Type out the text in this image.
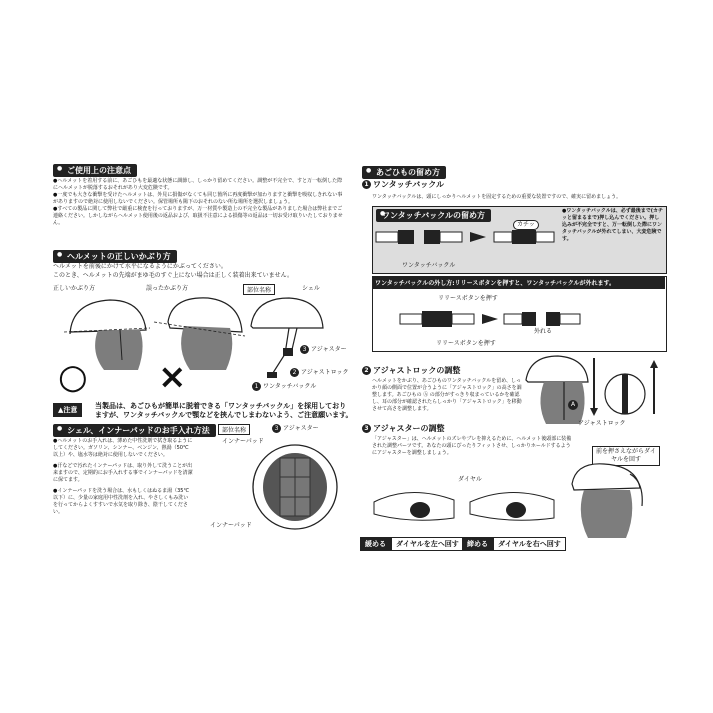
● ご使用上の注意点
●ヘルメットを着用する前に、あごひもを最適な状態に調節し、しっかり留めてください。調整が不完全で、すと万一転倒した際にヘルメットが脱落するおそれがあり大変危険です。
●一度でも大きな衝撃を受けたヘルメットは、外見に損傷がなくても同じ箇所に再度衝撃が加わりますと衝撃を吸収しきれない事がありますので絶対に使用しないでください。保管場所も陽下のおそれのない所な場所を選択しましょう。
●すべての製品に関して弊社で厳重に検査を行っておりますが、万一材質や製造上の不完全な製品がありました場合は弊社までご連絡ください。しかしながらヘルメット使用後の返品および、取扱不注意による損傷等の返品は一切お受け取りいたしておりません。
● ヘルメットの正しいかぶり方
ヘルメットを前後にかけて水平になるようにかぶってください。
このとき、ヘルメットの先端がまゆ毛のすぐ上にない場合は正しく装着出来ていません。
正しいかぶり方	誤ったかぶり方
○ ×
部位名称	シェル
3 アジャスター
2 アジャストロック
1 ワンタッチバックル
▲注意	当製品は、あごひもが簡単に脱着できる「ワンタッチバックル」を採用しており
ますが、ワンタッチバックルで顎などを挟んでしまわないよう、ご注意願います。
● シェル、インナーパッドのお手入れ方法
●ヘルメットのお手入れは、薄めた中性洗剤で拭き取るようにしてください。ガソリン、シンナー、ベンジン、熱湯（50℃以上）や、塩水等は絶対に使用しないでください。
●汗などで汚れたインナーパッドは、取り外して洗うことが出来ますので、定期的にお手入れする事でインナーパッドを清潔に保てます。
●インナーパッドを洗う場合は、水もしくはぬるま湯（35℃以下）に、少量の家庭用中性洗剤を入れ、やさしくもみ洗いを行ってからよくすすいで水気を取り除き、陰干してください。
部位名称	3 アジャスター
インナーパッド
インナーパッド
● あごひもの留め方
1 ワンタッチバックル
ワンタッチバックルは、頭にしっかりヘルメットを固定するための重要な装置ですので、確実に留めましょう。
● ワンタッチバックルの留め方
カチッ
ワンタッチバックル
●ワンタッチバックルは、必ず最後まで(カチッと留まるまで)押し込んでください。押し込みが不完全ですと、万一転倒した際にワンタッチバックルが外れてしまい、大変危険です。
ワンタッチバックルの外し方:リリースボタンを押すと、ワンタッチバックルが外れます。
リリースボタンを押す
外れる
リリースボタンを押す
2 アジャストロックの調整
ヘルメットをかぶり、あごひものワンタッチバックルを留め、しっかり顔の側面で位置が合うように「アジャストロック」の高さを調整します。あごひもの Ⓐ の部分がすっきり収まっているかを確認し、耳の部分が確認されたらしっかり「アジャストロック」を移動させて高さを調整します。
A
アジャストロック
3 アジャスターの調整
「アジャスター」は、ヘルメットのズレやブレを抑えるために、ヘルメット後頭部に装備された調整パーツです。あなたの頭にぴったりフィットさせ、しっかりホールドするようにアジャスターを調整しましょう。
ダイヤル
前を押さえながらダイヤルを回す
緩める ダイヤルを左へ回す	締める ダイヤルを右へ回す
